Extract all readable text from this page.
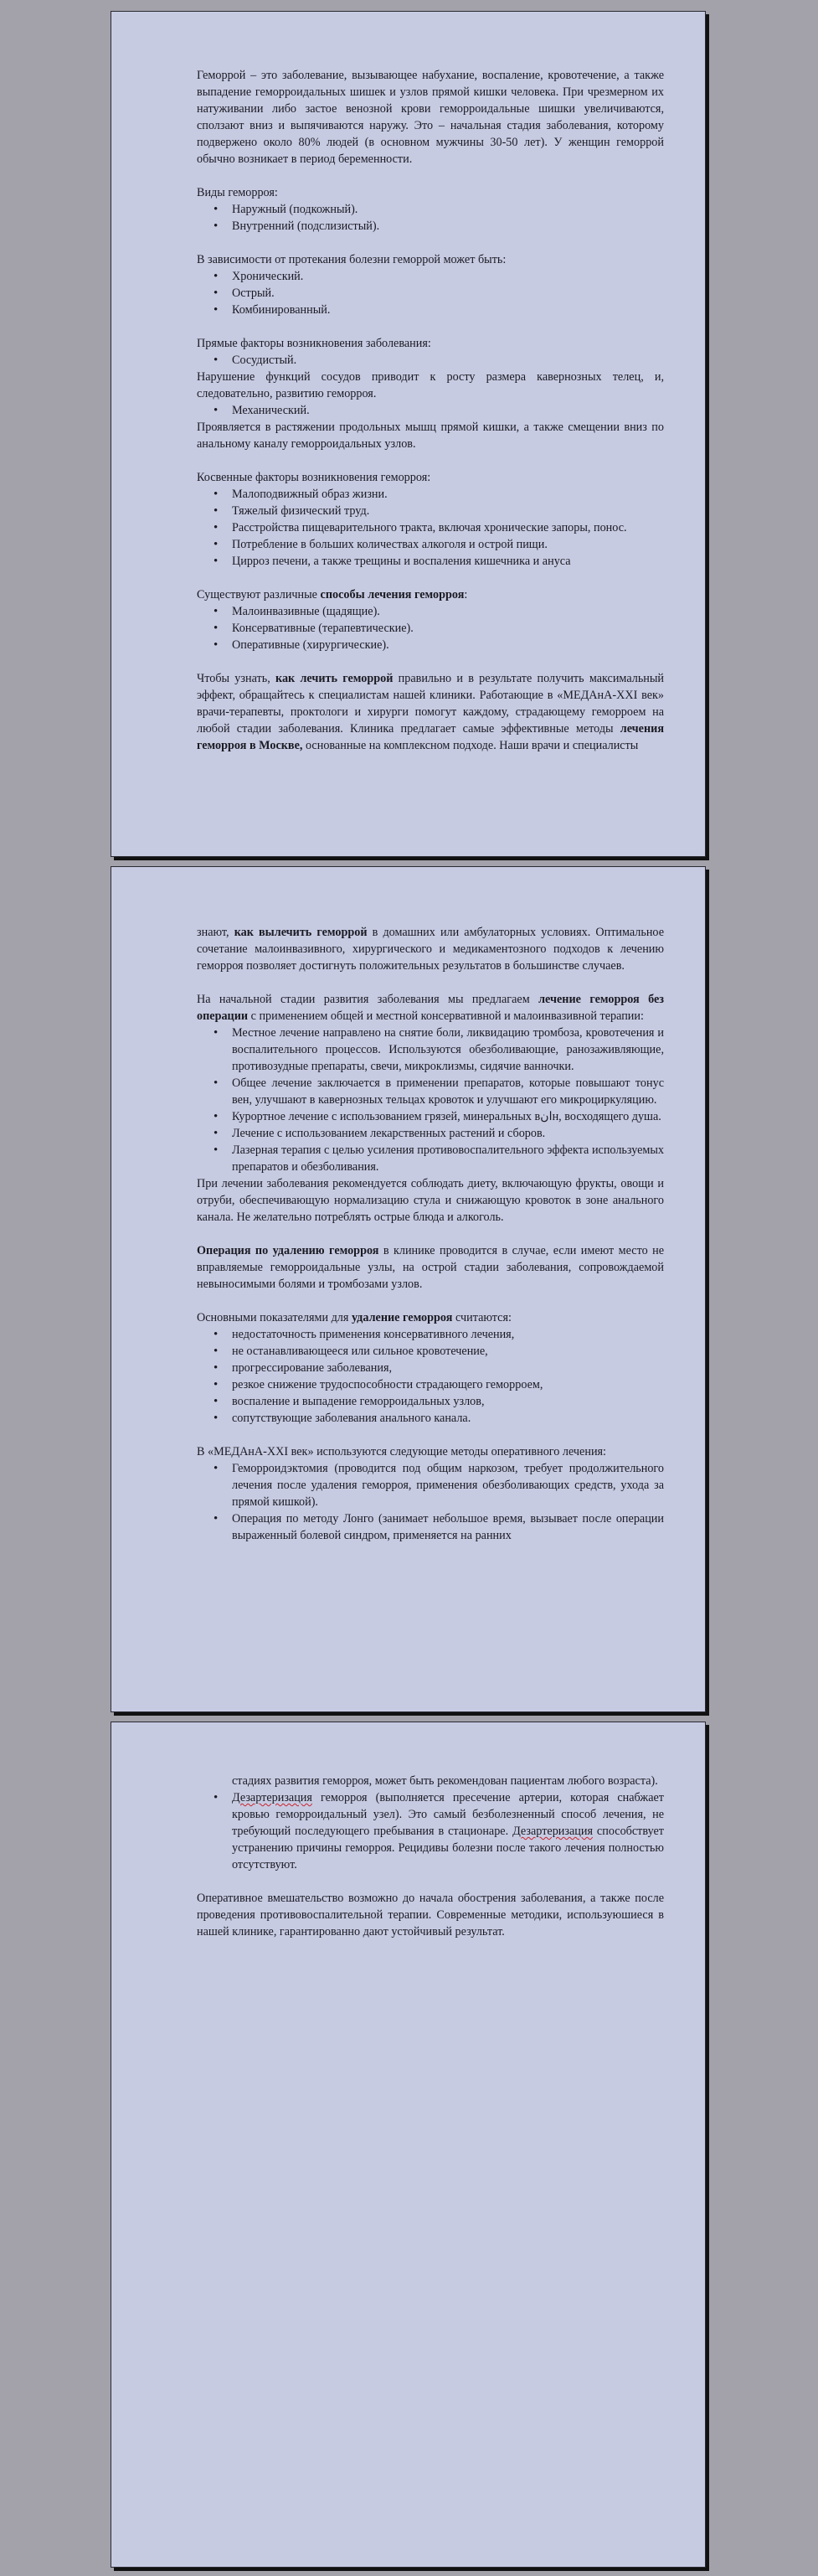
Геморрой – это заболевание, вызывающее набухание, воспаление, кровотечение, а также выпадение геморроидальных шишек и узлов прямой кишки человека. При чрезмерном их натуживании либо застое венозной крови геморроидальные шишки увеличиваются, сползают вниз и выпячиваются наружу. Это – начальная стадия заболевания, которому подвержено около 80% людей (в основном мужчины 30-50 лет). У женщин геморрой обычно возникает в период беременности.

Виды геморроя:

• Наружный (подкожный).
• Внутренний (подслизистый).

В зависимости от протекания болезни геморрой может быть:

• Хронический.
• Острый.
• Комбинированный.

Прямые факторы возникновения заболевания:

• Сосудистый.

Нарушение функций сосудов приводит к росту размера кавернозных телец, и, следовательно, развитию геморроя.

• Механический.

Проявляется в растяжении продольных мышц прямой кишки, а также смещении вниз по анальному каналу геморроидальных узлов.

Косвенные факторы возникновения геморроя:

• Малоподвижный образ жизни.
• Тяжелый физический труд.
• Расстройства пищеварительного тракта, включая хронические запоры, понос.
• Потребление в больших количествах алкоголя и острой пищи.
• Цирроз печени, а также трещины и воспаления кишечника и ануса

Существуют различные способы лечения геморроя:

• Малоинвазивные (щадящие).
• Консервативные (терапевтические).
• Оперативные (хирургические).

Чтобы узнать, как лечить геморрой правильно и в результате получить максимальный эффект, обращайтесь к специалистам нашей клиники. Работающие в «МЕДАнА-XXI век» врачи-терапевты, проктологи и хирурги помогут каждому, страдающему геморроем на любой стадии заболевания. Клиника предлагает самые эффективные методы лечения геморроя в Москве, основанные на комплексном подходе. Наши врачи и специалисты

знают, как вылечить геморрой в домашних или амбулаторных условиях. Оптимальное сочетание малоинвазивного, хирургического и медикаментозного подходов к лечению геморроя позволяет достигнуть положительных результатов в большинстве случаев.

На начальной стадии развития заболевания мы предлагаем лечение геморроя без операции с применением общей и местной консервативной и малоинвазивной терапии:

• Местное лечение направлено на снятие боли, ликвидацию тромбоза, кровотечения и воспалительного процессов. Используются обезболивающие, ранозаживляющие, противозудные препараты, свечи, микроклизмы, сидячие ванночки.
• Общее лечение заключается в применении препаратов, которые повышают тонус вен, улучшают в кавернозных тельцах кровоток и улучшают его микроциркуляцию.
• Курортное лечение с использованием грязей, минеральных вانн, восходящего душа.
• Лечение с использованием лекарственных растений и сборов.
• Лазерная терапия с целью усиления противовоспалительного эффекта используемых препаратов и обезболивания.

При лечении заболевания рекомендуется соблюдать диету, включающую фрукты, овощи и отруби, обеспечивающую нормализацию стула и снижающую кровоток в зоне анального канала. Не желательно потреблять острые блюда и алкоголь.

Операция по удалению геморроя в клинике проводится в случае, если имеют место не вправляемые геморроидальные узлы, на острой стадии заболевания, сопровождаемой невыносимыми болями и тромбозами узлов.

Основными показателями для удаление геморроя считаются:

• недостаточность применения консервативного лечения,
• не останавливающееся или сильное кровотечение,
• прогрессирование заболевания,
• резкое снижение трудоспособности страдающего геморроем,
• воспаление и выпадение геморроидальных узлов,
• сопутствующие заболевания анального канала.

В «МЕДАнА-XXI век» используются следующие методы оперативного лечения:

• Геморроидэктомия (проводится под общим наркозом, требует продолжительного лечения после удаления геморроя, применения обезболивающих средств, ухода за прямой кишкой).
• Операция по методу Лонго (занимает небольшое время, вызывает после операции выраженный болевой синдром, применяется на ранних

стадиях развития геморроя, может быть рекомендован пациентам любого возраста).

• Дезартеризация геморроя (выполняется пресечение артерии, которая снабжает кровью геморроидальный узел). Это самый безболезненный способ лечения, не требующий последующего пребывания в стационаре. Дезартеризация способствует устранению причины геморроя. Рецидивы болезни после такого лечения полностью отсутствуют.

Оперативное вмешательство возможно до начала обострения заболевания, а также после проведения противовоспалительной терапии. Современные методики, используюшиеся в нашей клинике, гарантированно дают устойчивый результат.
